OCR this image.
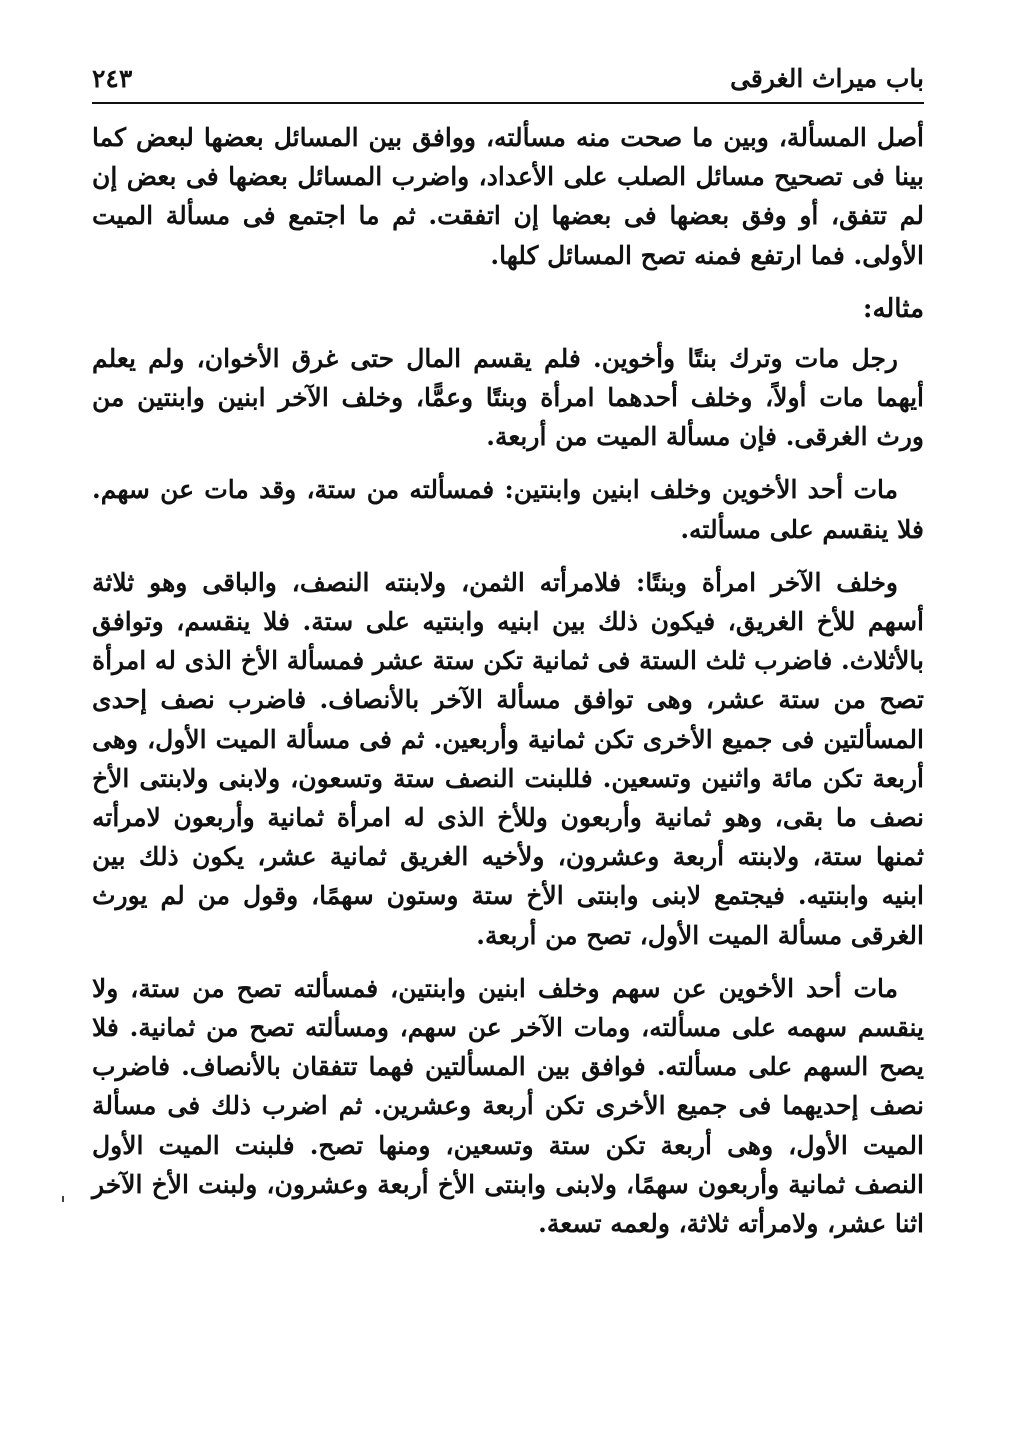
باب ميراث الغرقى
٢٤٣

أصل المسألة، وبين ما صحت منه مسألته، ووافق بين المسائل بعضها لبعض كما بينا فى تصحيح مسائل الصلب على الأعداد، واضرب المسائل بعضها فى بعض إن لم تتفق، أو وفق بعضها فى بعضها إن اتفقت. ثم ما اجتمع فى مسألة الميت الأولى. فما ارتفع فمنه تصح المسائل كلها.

مثاله:

رجل مات وترك بنتًا وأخوين. فلم يقسم المال حتى غرق الأخوان، ولم يعلم أيهما مات أولاً، وخلف أحدهما امرأة وبنتًا وعمًّا، وخلف الآخر ابنين وابنتين من ورث الغرقى. فإن مسألة الميت من أربعة.

مات أحد الأخوين وخلف ابنين وابنتين: فمسألته من ستة، وقد مات عن سهم. فلا ينقسم على مسألته.

وخلف الآخر امرأة وبنتًا: فلامرأته الثمن، ولابنته النصف، والباقى وهو ثلاثة أسهم للأخ الغريق، فيكون ذلك بين ابنيه وابنتيه على ستة. فلا ينقسم، وتوافق بالأثلاث. فاضرب ثلث الستة فى ثمانية تكن ستة عشر فمسألة الأخ الذى له امرأة تصح من ستة عشر، وهى توافق مسألة الآخر بالأنصاف. فاضرب نصف إحدى المسألتين فى جميع الأخرى تكن ثمانية وأربعين. ثم فى مسألة الميت الأول، وهى أربعة تكن مائة واثنين وتسعين. فللبنت النصف ستة وتسعون، ولابنى ولابنتى الأخ نصف ما بقى، وهو ثمانية وأربعون وللأخ الذى له امرأة ثمانية وأربعون لامرأته ثمنها ستة، ولابنته أربعة وعشرون، ولأخيه الغريق ثمانية عشر، يكون ذلك بين ابنيه وابنتيه. فيجتمع لابنى وابنتى الأخ ستة وستون سهمًا، وقول من لم يورث الغرقى مسألة الميت الأول، تصح من أربعة.

مات أحد الأخوين عن سهم وخلف ابنين وابنتين، فمسألته تصح من ستة، ولا ينقسم سهمه على مسألته، ومات الآخر عن سهم، ومسألته تصح من ثمانية. فلا يصح السهم على مسألته. فوافق بين المسألتين فهما تتفقان بالأنصاف. فاضرب نصف إحديهما فى جميع الأخرى تكن أربعة وعشرين. ثم اضرب ذلك فى مسألة الميت الأول، وهى أربعة تكن ستة وتسعين، ومنها تصح. فلبنت الميت الأول النصف ثمانية وأربعون سهمًا، ولابنى وابنتى الأخ أربعة وعشرون، ولبنت الأخ الآخر اثنا عشر، ولامرأته ثلاثة، ولعمه تسعة.
